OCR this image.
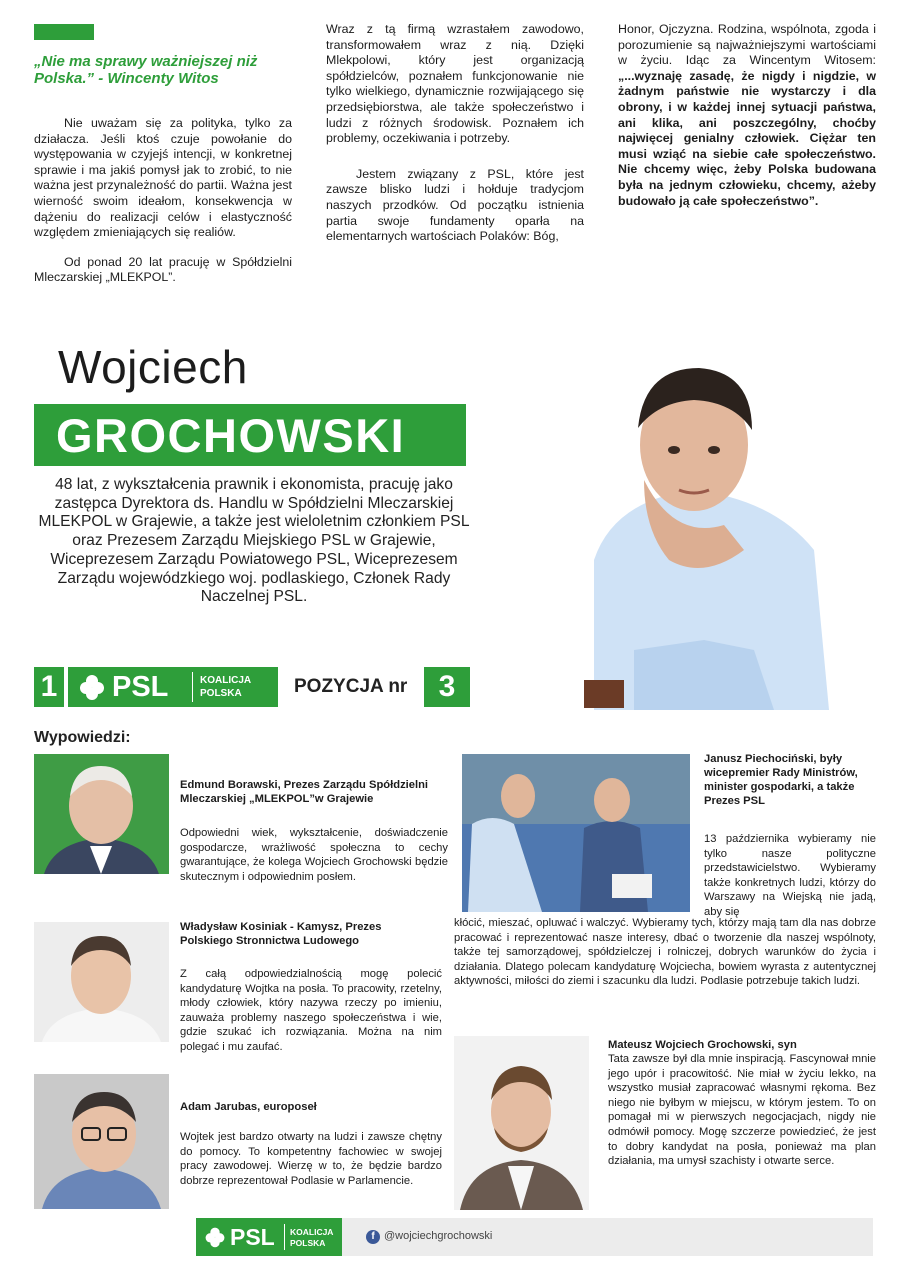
„Nie ma sprawy ważniejszej niż Polska.” - Wincenty Witos

Nie uważam się za polityka, tylko za działacza. Jeśli ktoś czuje powołanie do występowania w czyjejś intencji, w konkretnej sprawie i ma jakiś pomysł jak to zrobić, to nie ważna jest przynależność do partii. Ważna jest wierność swoim ideałom, konsekwencja w dążeniu do realizacji celów i elastyczność względem zmieniających się realiów.

Od ponad 20 lat pracuję w Spółdzielni Mleczarskiej „MLEKPOL”.

Wraz z tą firmą wzrastałem zawodowo, transformowałem wraz z nią. Dzięki Mlekpolowi, który jest organizacją spółdzielców, poznałem funkcjonowanie nie tylko wielkiego, dynamicznie rozwijającego się przedsiębiorstwa, ale także społeczeństwo i ludzi z różnych środowisk. Poznałem ich problemy, oczekiwania i potrzeby.

Jestem związany z PSL, które jest zawsze blisko ludzi i hołduje tradycjom naszych przodków. Od początku istnienia partia swoje fundamenty oparła na elementarnych wartościach Polaków: Bóg,

Honor, Ojczyzna. Rodzina, wspólnota, zgoda i porozumienie są najważniejszymi wartościami w życiu. Idąc za Wincentym Witosem: „...wyznaję zasadę, że nigdy i nigdzie, w żadnym państwie nie wystarczy i dla obrony, i w każdej innej sytuacji państwa, ani klika, ani poszczególny, choćby najwięcej genialny człowiek. Ciężar ten musi wziąć na siebie całe społeczeństwo. Nie chcemy więc, żeby Polska budowana była na jednym człowieku, chcemy, ażeby budowało ją całe społeczeństwo”.

Wojciech
GROCHOWSKI
48 lat, z wykształcenia prawnik i ekonomista, pracuję jako zastępca Dyrektora ds. Handlu w Spółdzielni Mleczarskiej MLEKPOL w Grajewie, a także jest wieloletnim członkiem PSL oraz Prezesem Zarządu Miejskiego PSL w Grajewie, Wiceprezesem Zarządu Powiatowego PSL, Wiceprezesem Zarządu wojewódzkiego woj. podlaskiego, Członek Rady Naczelnej PSL.
1 PSL	KOALICJA
POLSKA	POZYCJA nr	3
Wypowiedzi:
Edmund Borawski, Prezes Zarządu Spółdzielni Mleczarskiej „MLEKPOL”w Grajewie
Odpowiedni wiek, wykształcenie, doświadczenie gospodarcze, wrażliwość społeczna to cechy gwarantujące, że kolega Wojciech Grochowski będzie skutecznym i odpowiednim posłem.
Władysław Kosiniak - Kamysz, Prezes Polskiego Stronnictwa Ludowego
Z całą odpowiedzialnością mogę polecić kandydaturę Wojtka na posła. To pracowity, rzetelny, młody człowiek, który nazywa rzeczy po imieniu, zauważa problemy naszego społeczeństwa i wie, gdzie szukać ich rozwiązania. Można na nim polegać i mu zaufać.
Adam Jarubas, europoseł
Wojtek jest bardzo otwarty na ludzi i zawsze chętny do pomocy. To kompetentny fachowiec w swojej pracy zawodowej. Wierzę w to, że będzie bardzo dobrze reprezentował Podlasie w Parlamencie.
Janusz Piechociński, były wicepremier Rady Ministrów, minister gospodarki, a także Prezes PSL
13 października wybieramy nie tylko nasze polityczne przedstawicielstwo. Wybieramy także konkretnych ludzi, którzy do Warszawy na Wiejską nie jadą, aby się
kłócić, mieszać, opluwać i walczyć. Wybieramy tych, którzy mają tam dla nas dobrze pracować i reprezentować nasze interesy, dbać o tworzenie dla naszej wspólnoty, także tej samorządowej, spółdzielczej i rolniczej, dobrych warunków do życia i działania. Dlatego polecam kandydaturę Wojciecha, bowiem wyrasta z autentycznej aktywności, miłości do ziemi i szacunku dla ludzi. Podlasie potrzebuje takich ludzi.
Mateusz Wojciech Grochowski, syn
Tata zawsze był dla mnie inspiracją. Fascynował mnie jego upór i pracowitość. Nie miał w życiu lekko, na wszystko musiał zapracować własnymi rękoma. Bez niego nie byłbym w miejscu, w którym jestem. To on pomagał mi w pierwszych negocjacjach, nigdy nie odmówił pomocy. Mogę szczerze powiedzieć, że jest to dobry kandydat na posła, ponieważ ma plan działania, ma umysł szachisty i otwarte serce.
PSL KOALICJA
POLSKA
f @wojciechgrochowski
